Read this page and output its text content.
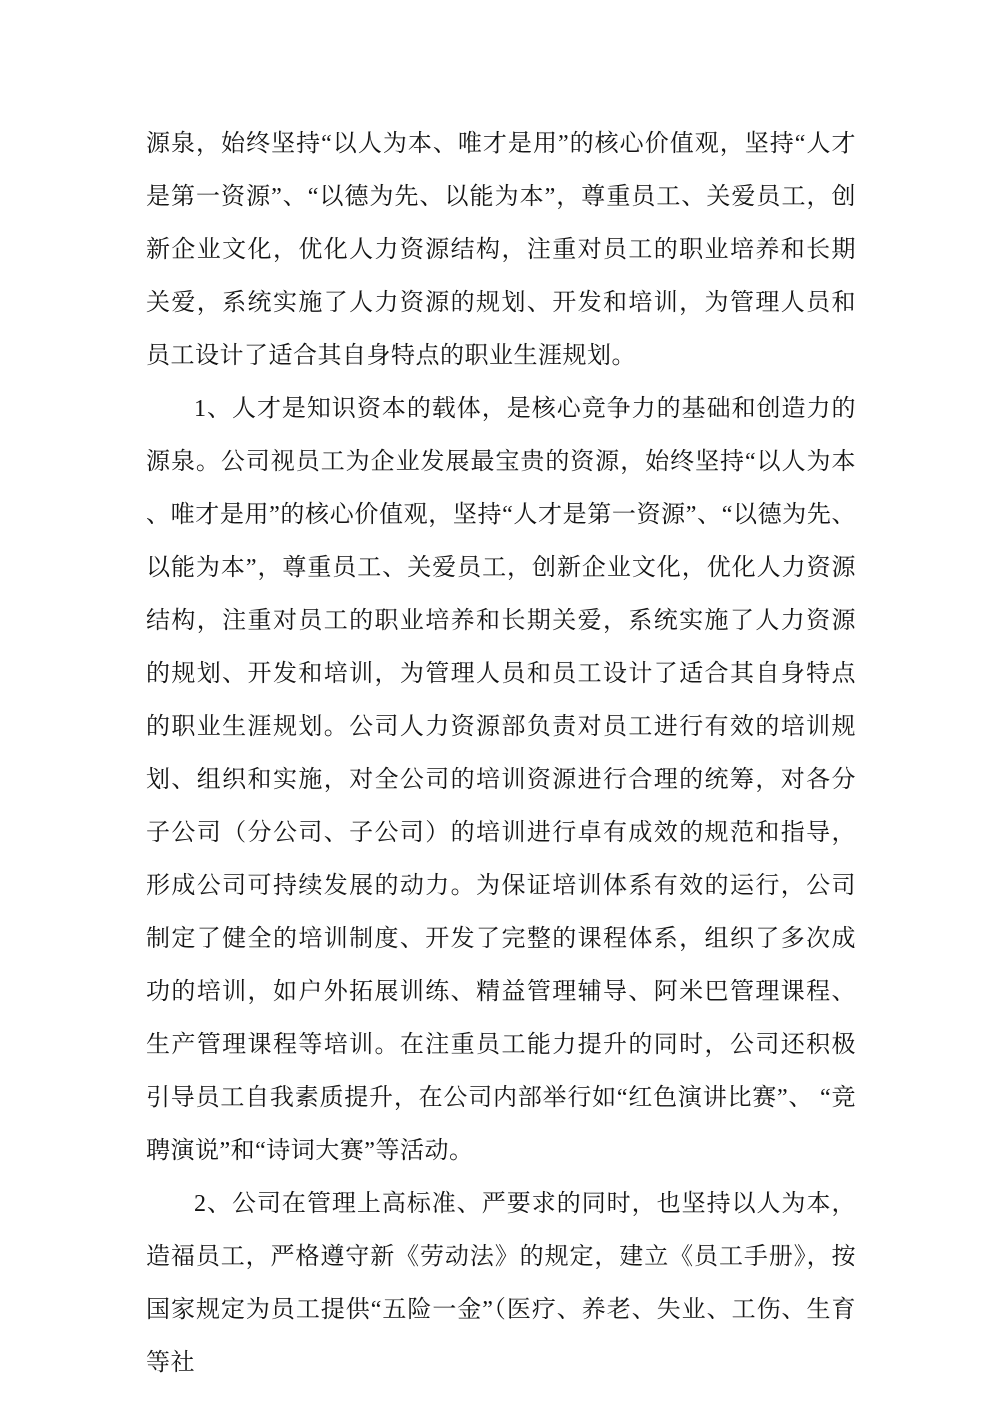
源泉，始终坚持“以人为本、唯才是用”的核心价值观，坚持“人才是第一资源”、“以德为先、以能为本”，尊重员工、关爱员工，创新企业文化，优化人力资源结构，注重对员工的职业培养和长期关爱，系统实施了人力资源的规划、开发和培训，为管理人员和员工设计了适合其自身特点的职业生涯规划。

1、人才是知识资本的载体，是核心竞争力的基础和创造力的源泉。公司视员工为企业发展最宝贵的资源，始终坚持“以人为本 、唯才是用”的核心价值观，坚持“人才是第一资源”、“以德为先、以能为本”，尊重员工、关爱员工，创新企业文化，优化人力资源结构，注重对员工的职业培养和长期关爱，系统实施了人力资源的规划、开发和培训，为管理人员和员工设计了适合其自身特点的职业生涯规划。公司人力资源部负责对员工进行有效的培训规划、组织和实施，对全公司的培训资源进行合理的统筹，对各分子公司（分公司、子公司）的培训进行卓有成效的规范和指导，形成公司可持续发展的动力。为保证培训体系有效的运行，公司制定了健全的培训制度、开发了完整的课程体系，组织了多次成功的培训，如户外拓展训练、精益管理辅导、阿米巴管理课程、生产管理课程等培训。在注重员工能力提升的同时，公司还积极引导员工自我素质提升，在公司内部举行如“红色演讲比赛”、 “竞聘演说”和“诗词大赛”等活动。

2、公司在管理上高标准、严要求的同时，也坚持以人为本，造福员工，严格遵守新《劳动法》的规定，建立《员工手册》，按国家规定为员工提供“五险一金”（医疗、养老、失业、工伤、生育等社
